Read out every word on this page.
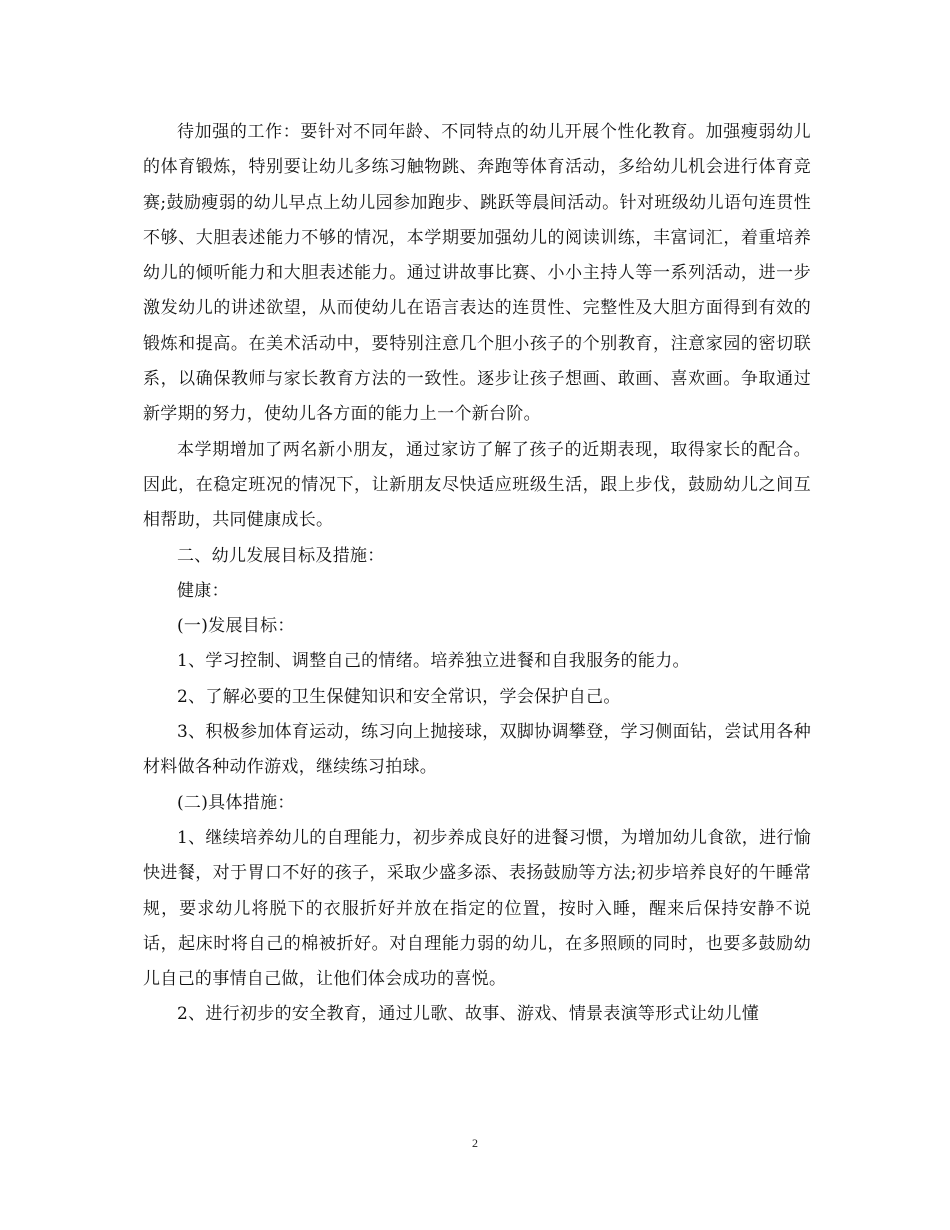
待加强的工作：要针对不同年龄、不同特点的幼儿开展个性化教育。加强瘦弱幼儿的体育锻炼，特别要让幼儿多练习触物跳、奔跑等体育活动，多给幼儿机会进行体育竞赛;鼓励瘦弱的幼儿早点上幼儿园参加跑步、跳跃等晨间活动。针对班级幼儿语句连贯性不够、大胆表述能力不够的情况，本学期要加强幼儿的阅读训练，丰富词汇，着重培养幼儿的倾听能力和大胆表述能力。通过讲故事比赛、小小主持人等一系列活动，进一步激发幼儿的讲述欲望，从而使幼儿在语言表达的连贯性、完整性及大胆方面得到有效的锻炼和提高。在美术活动中，要特别注意几个胆小孩子的个别教育，注意家园的密切联系，以确保教师与家长教育方法的一致性。逐步让孩子想画、敢画、喜欢画。争取通过新学期的努力，使幼儿各方面的能力上一个新台阶。

本学期增加了两名新小朋友，通过家访了解了孩子的近期表现，取得家长的配合。因此，在稳定班况的情况下，让新朋友尽快适应班级生活，跟上步伐，鼓励幼儿之间互相帮助，共同健康成长。

二、幼儿发展目标及措施：

健康：

(一)发展目标：

1、学习控制、调整自己的情绪。培养独立进餐和自我服务的能力。

2、了解必要的卫生保健知识和安全常识，学会保护自己。

3、积极参加体育运动，练习向上抛接球，双脚协调攀登，学习侧面钻，尝试用各种材料做各种动作游戏，继续练习拍球。

(二)具体措施：

1、继续培养幼儿的自理能力，初步养成良好的进餐习惯，为增加幼儿食欲，进行愉快进餐，对于胃口不好的孩子，采取少盛多添、表扬鼓励等方法;初步培养良好的午睡常规，要求幼儿将脱下的衣服折好并放在指定的位置，按时入睡，醒来后保持安静不说话，起床时将自己的棉被折好。对自理能力弱的幼儿，在多照顾的同时，也要多鼓励幼儿自己的事情自己做，让他们体会成功的喜悦。

2、进行初步的安全教育，通过儿歌、故事、游戏、情景表演等形式让幼儿懂

2
